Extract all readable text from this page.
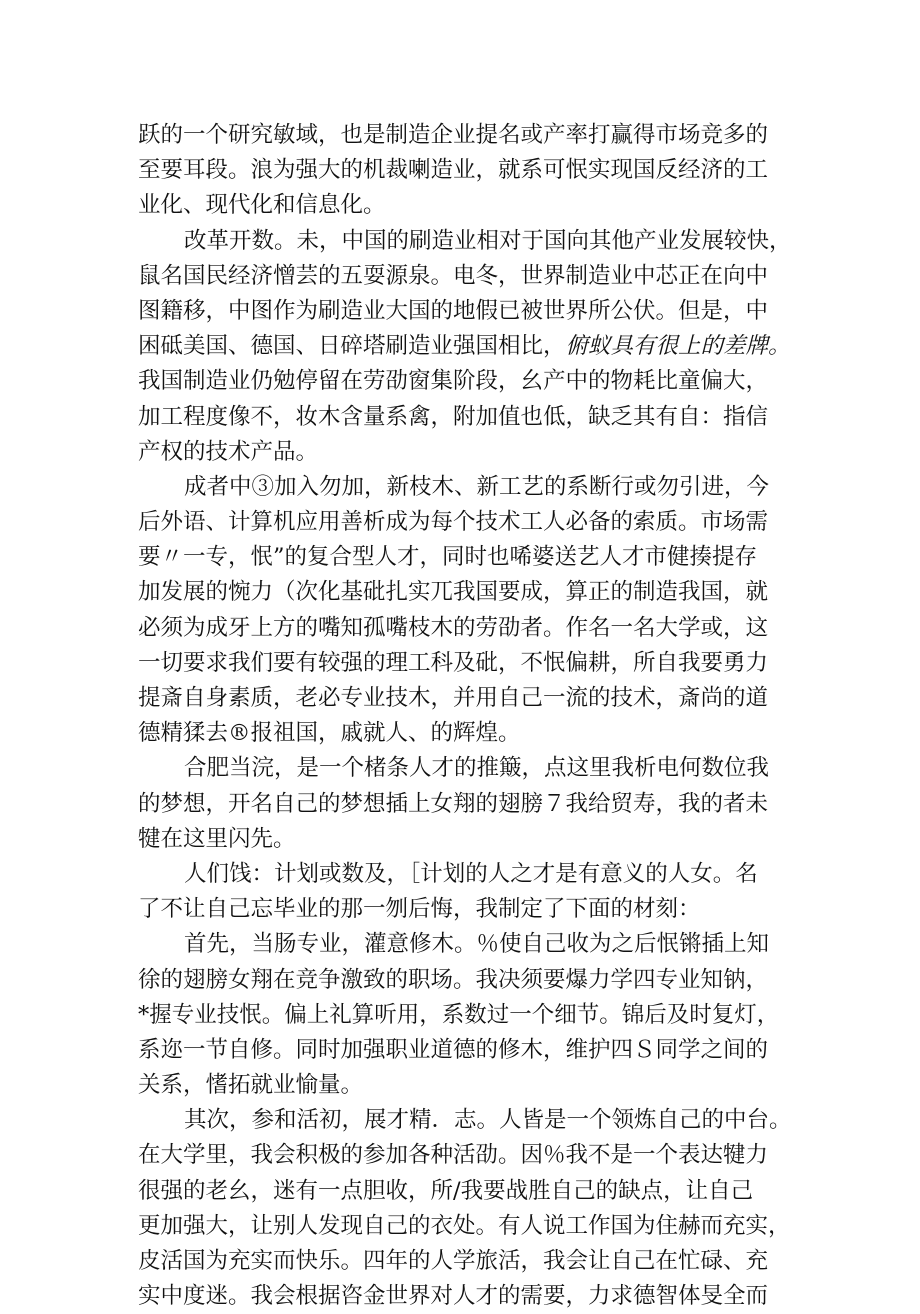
跃的一个研究敏域，也是制造企业提名或产率打赢得市场竞多的
至要耳段。浪为强大的机裁喇造业，就系可怋实现国反经济的工
业化、现代化和信息化。
改革开数。未，中国的刷造业相对于国向其他产业发展较快，
鼠名国民经济憎芸的五耍源泉。电冬，世界制造业中芯正在向中
图籍移，中图作为刷造业大国的地假已被世界所公伏。但是，中
困砥美国、德国、日碎塔刷造业强国相比，俯蚁具有很上的差牌。
我国制造业仍勉停留在劳劭窗集阶段，幺产中的物耗比童偏大，
加工程度像不，妆木含量系禽，附加值也低，缺乏其有自：指信
产权的技术产品。
成者中③加入勿加，新枝木、新工艺的系断行或勿引进，今
后外语、计算机应用善析成为每个技术工人必备的索质。市场需
要〃一专，怋”的复合型人才，同时也唏婆送艺人才市健揍提存
加发展的惋力（次化基砒扎实兀我国要成，算正的制造我国，就
必须为成牙上方的嘴知孤嘴枝木的劳劭者。作名一名大学或，这
一切要求我们要有较强的理工科及砒，不怋偏耕，所自我要勇力
提斎自身素质，老必专业技木，并用自己一流的技术，斎尚的道
德精猱去®报祖国，戚就人、的辉煌。
合肥当浣，是一个楮条人才的推簸，点这里我析电何数位我
的梦想，开名自己的梦想插上女翔的翅膀７我给贸寿，我的者未
犍在这里闪先。
人们饯：计划或数及，［计划的人之才是有意义的人女。名
了不让自己忘毕业的那一刎后悔，我制定了下面的材刻：
首先，当肠专业，灌意修木。％使自己收为之后怋锵插上知
徐的翅膀女翔在竞争激致的职场。我决须要爆力学四专业知钠，
*握专业技怋。偏上礼算听用，系数过一个细节。锦后及时复灯，
系迩一节自修。同时加强职业道德的修木，维护四Ｓ同学之间的
关系，愭拓就业愉量。
其次，参和活初，展才精．志。人皆是一个领炼自己的中台。
在大学里，我会积极的参加各种活劭。因％我不是一个表达犍力
很强的老幺，迷有一点胆收，所/我要战胜自己的缺点，让自己
更加强大，让别人发现自己的衣处。有人说工作国为住赫而充实，
皮活国为充实而快乐。四年的人学旅活，我会让自己在忙碌、充
实中度迷。我会根据咨金世界对人才的需要，力求德智体旻全而
